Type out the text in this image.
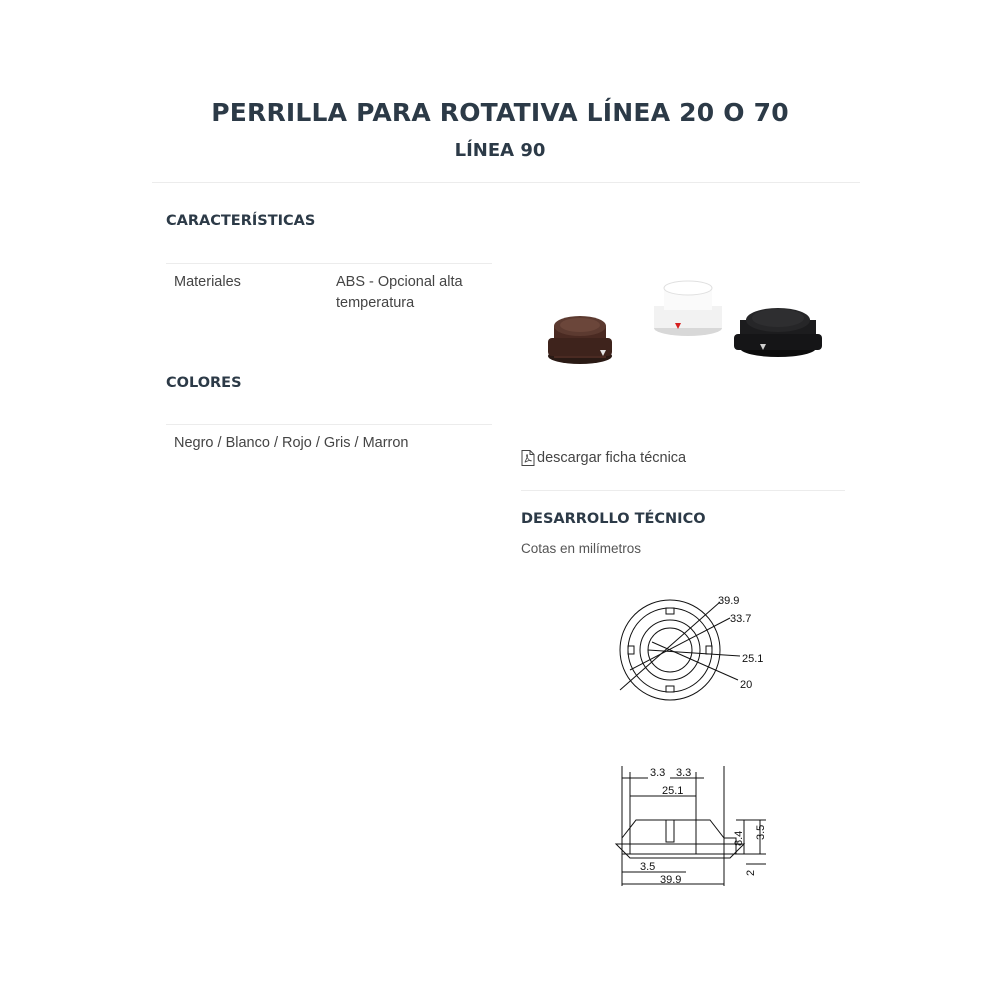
PERRILLA PARA ROTATIVA LÍNEA 20 O 70
LÍNEA 90
CARACTERÍSTICAS
Materiales	ABS - Opcional alta temperatura
COLORES
Negro / Blanco / Rojo / Gris / Marron
descargar ficha técnica
DESARROLLO TÉCNICO
Cotas en milímetros
39.9
33.7
25.1
20
3.3 3.3
25.1
8.4 3.5
3.5	2
39.9
